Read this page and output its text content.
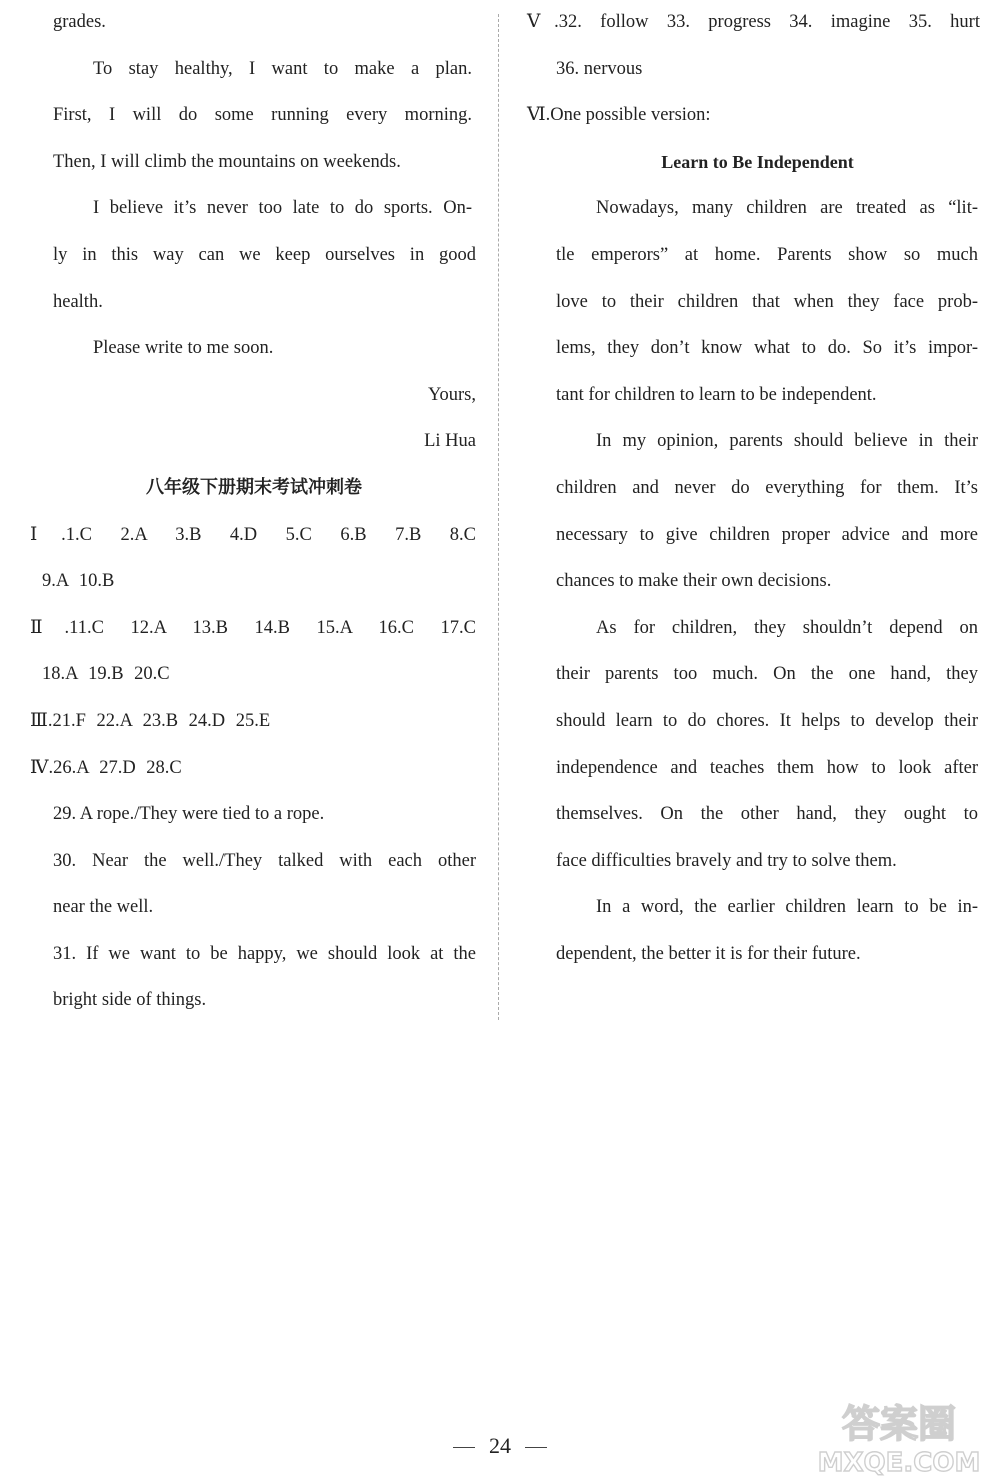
grades.
To stay healthy, I want to make a plan.
First, I will do some running every morning.
Then, I will climb the mountains on weekends.
I believe it’s never too late to do sports. On-
ly in this way can we keep ourselves in good
health.
Please write to me soon.
Yours,
Li Hua
八年级下册期末考试冲刺卷
Ⅰ.1.C 2.A 3.B 4.D 5.C 6.B 7.B 8.C
9.A 10.B
Ⅱ.11.C 12.A 13.B 14.B 15.A 16.C 17.C
18.A 19.B 20.C
Ⅲ.21.F 22.A 23.B 24.D 25.E
Ⅳ.26.A 27.D 28.C
29. A rope./They were tied to a rope.
30. Near the well./They talked with each other
near the well.
31. If we want to be happy, we should look at the
bright side of things.
Ⅴ.32. follow 33. progress 34. imagine 35. hurt
36. nervous
Ⅵ.One possible version:
Learn to Be Independent
Nowadays, many children are treated as “lit-
tle emperors” at home. Parents show so much
love to their children that when they face prob-
lems, they don’t know what to do. So it’s impor-
tant for children to learn to be independent.
In my opinion, parents should believe in their
children and never do everything for them. It’s
necessary to give children proper advice and more
chances to make their own decisions.
As for children, they shouldn’t depend on
their parents too much. On the one hand, they
should learn to do chores. It helps to develop their
independence and teaches them how to look after
themselves. On the other hand, they ought to
face difficulties bravely and try to solve them.
In a word, the earlier children learn to be in-
dependent, the better it is for their future.
24	答案圈
MXQE.COM
